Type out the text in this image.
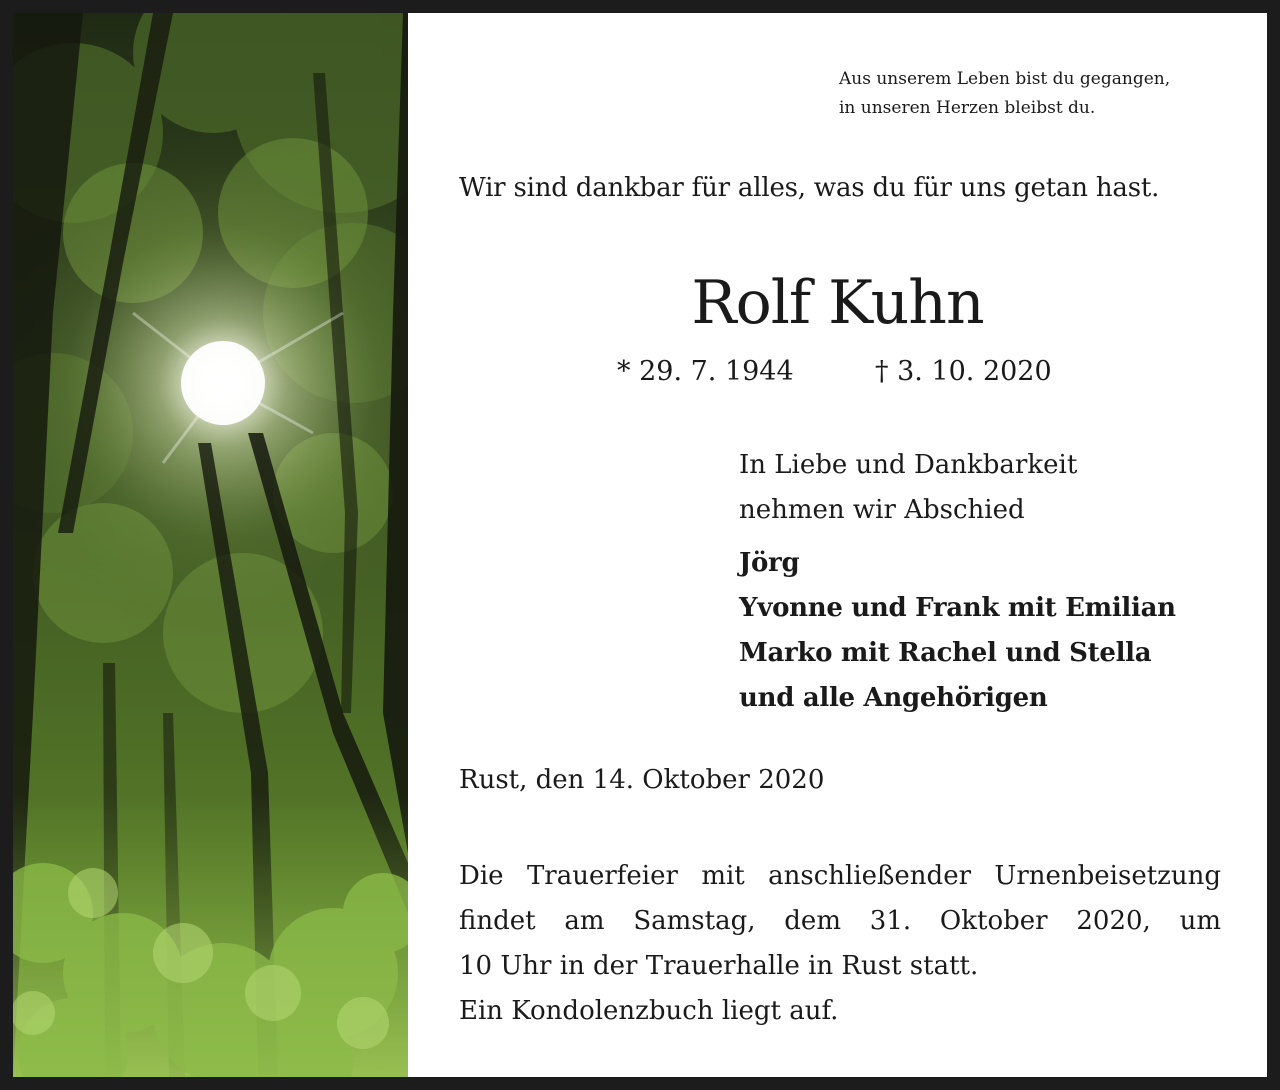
Aus unserem Leben bist du gegangen,
in unseren Herzen bleibst du.
Wir sind dankbar für alles, was du für uns getan hast.
Rolf Kuhn
* 29. 7. 1944	† 3. 10. 2020
In Liebe und Dankbarkeit
nehmen wir Abschied
Jörg
Yvonne und Frank mit Emilian
Marko mit Rachel und Stella
und alle Angehörigen
Rust, den 14. Oktober 2020
Die Trauerfeier mit anschließender Urnenbeisetzung
findet am Samstag, dem 31. Oktober 2020, um
10 Uhr in der Trauerhalle in Rust statt.
Ein Kondolenzbuch liegt auf.
